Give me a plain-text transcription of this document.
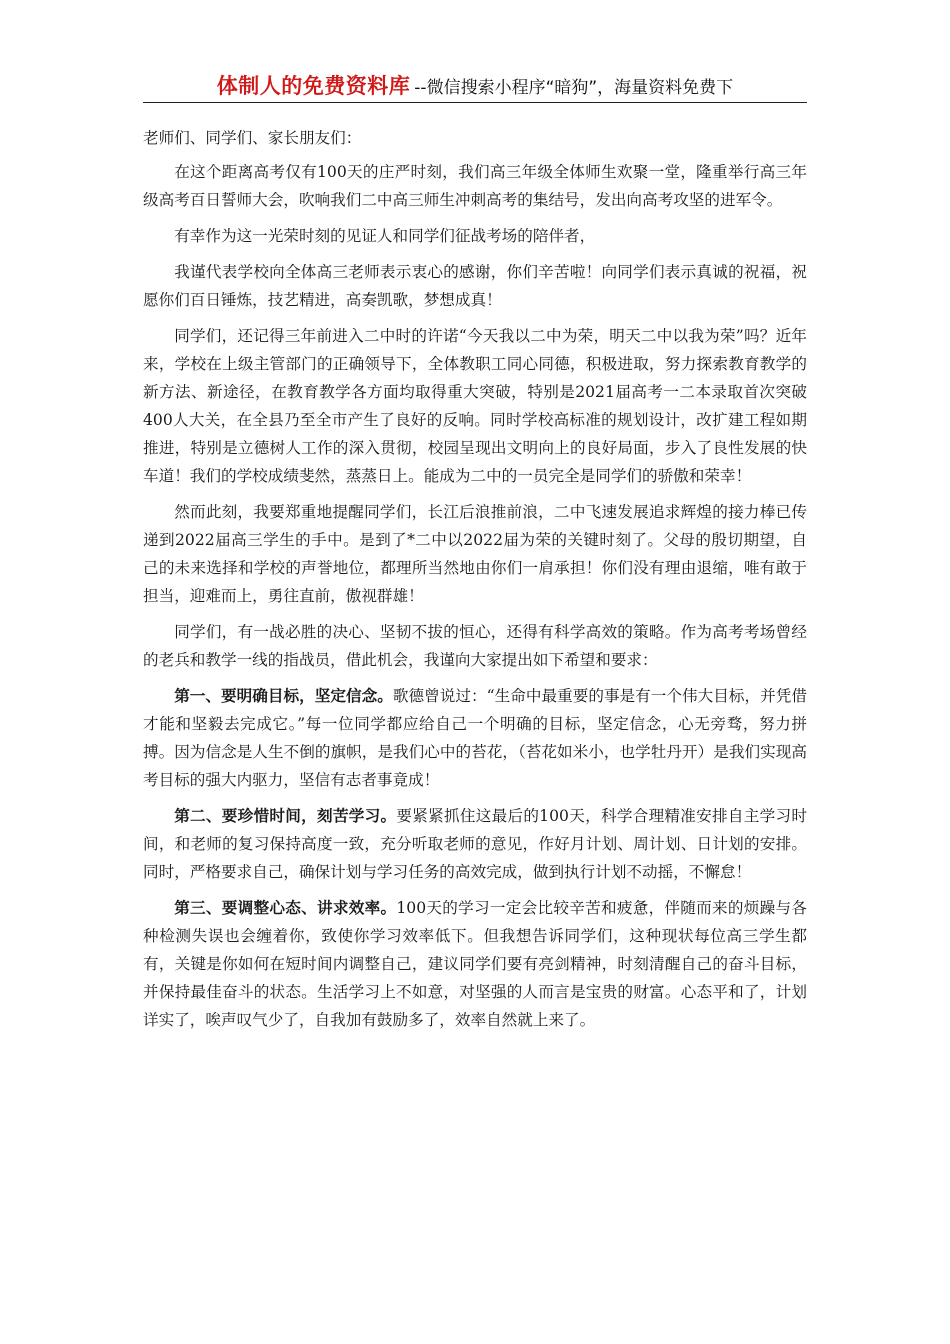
体制人的免费资料库 --微信搜索小程序“暗狗”，海量资料免费下

老师们、同学们、家长朋友们：

在这个距离高考仅有100天的庄严时刻，我们高三年级全体师生欢聚一堂，隆重举行高三年级高考百日誓师大会，吹响我们二中高三师生冲刺高考的集结号，发出向高考攻坚的进军令。

有幸作为这一光荣时刻的见证人和同学们征战考场的陪伴者，

我谨代表学校向全体高三老师表示衷心的感谢，你们辛苦啦！向同学们表示真诚的祝福，祝愿你们百日锤炼，技艺精进，高奏凯歌，梦想成真！

同学们，还记得三年前进入二中时的许诺“今天我以二中为荣，明天二中以我为荣”吗？近年来，学校在上级主管部门的正确领导下，全体教职工同心同德，积极进取，努力探索教育教学的新方法、新途径，在教育教学各方面均取得重大突破，特别是2021届高考一二本录取首次突破400人大关，在全县乃至全市产生了良好的反响。同时学校高标准的规划设计，改扩建工程如期推进，特别是立德树人工作的深入贯彻，校园呈现出文明向上的良好局面，步入了良性发展的快车道！我们的学校成绩斐然，蒸蒸日上。能成为二中的一员完全是同学们的骄傲和荣幸！

然而此刻，我要郑重地提醒同学们，长江后浪推前浪，二中飞速发展追求辉煌的接力棒已传递到2022届高三学生的手中。是到了*二中以2022届为荣的关键时刻了。父母的殷切期望，自己的未来选择和学校的声誉地位，都理所当然地由你们一肩承担！你们没有理由退缩，唯有敢于担当，迎难而上，勇往直前，傲视群雄！

同学们，有一战必胜的决心、坚韧不拔的恒心，还得有科学高效的策略。作为高考考场曾经的老兵和教学一线的指战员，借此机会，我谨向大家提出如下希望和要求：

第一、要明确目标，坚定信念。歌德曾说过：“生命中最重要的事是有一个伟大目标，并凭借才能和坚毅去完成它。”每一位同学都应给自己一个明确的目标，坚定信念，心无旁骛，努力拼搏。因为信念是人生不倒的旗帜，是我们心中的苔花，（苔花如米小，也学牡丹开）是我们实现高考目标的强大内驱力，坚信有志者事竟成！

第二、要珍惜时间，刻苦学习。要紧紧抓住这最后的100天，科学合理精准安排自主学习时间，和老师的复习保持高度一致，充分听取老师的意见，作好月计划、周计划、日计划的安排。同时，严格要求自己，确保计划与学习任务的高效完成，做到执行计划不动摇，不懈怠！

第三、要调整心态、讲求效率。100天的学习一定会比较辛苦和疲惫，伴随而来的烦躁与各种检测失误也会缠着你，致使你学习效率低下。但我想告诉同学们，这种现状每位高三学生都有，关键是你如何在短时间内调整自己，建议同学们要有亮剑精神，时刻清醒自己的奋斗目标，并保持最佳奋斗的状态。生活学习上不如意，对坚强的人而言是宝贵的财富。心态平和了，计划详实了，唉声叹气少了，自我加有鼓励多了，效率自然就上来了。
